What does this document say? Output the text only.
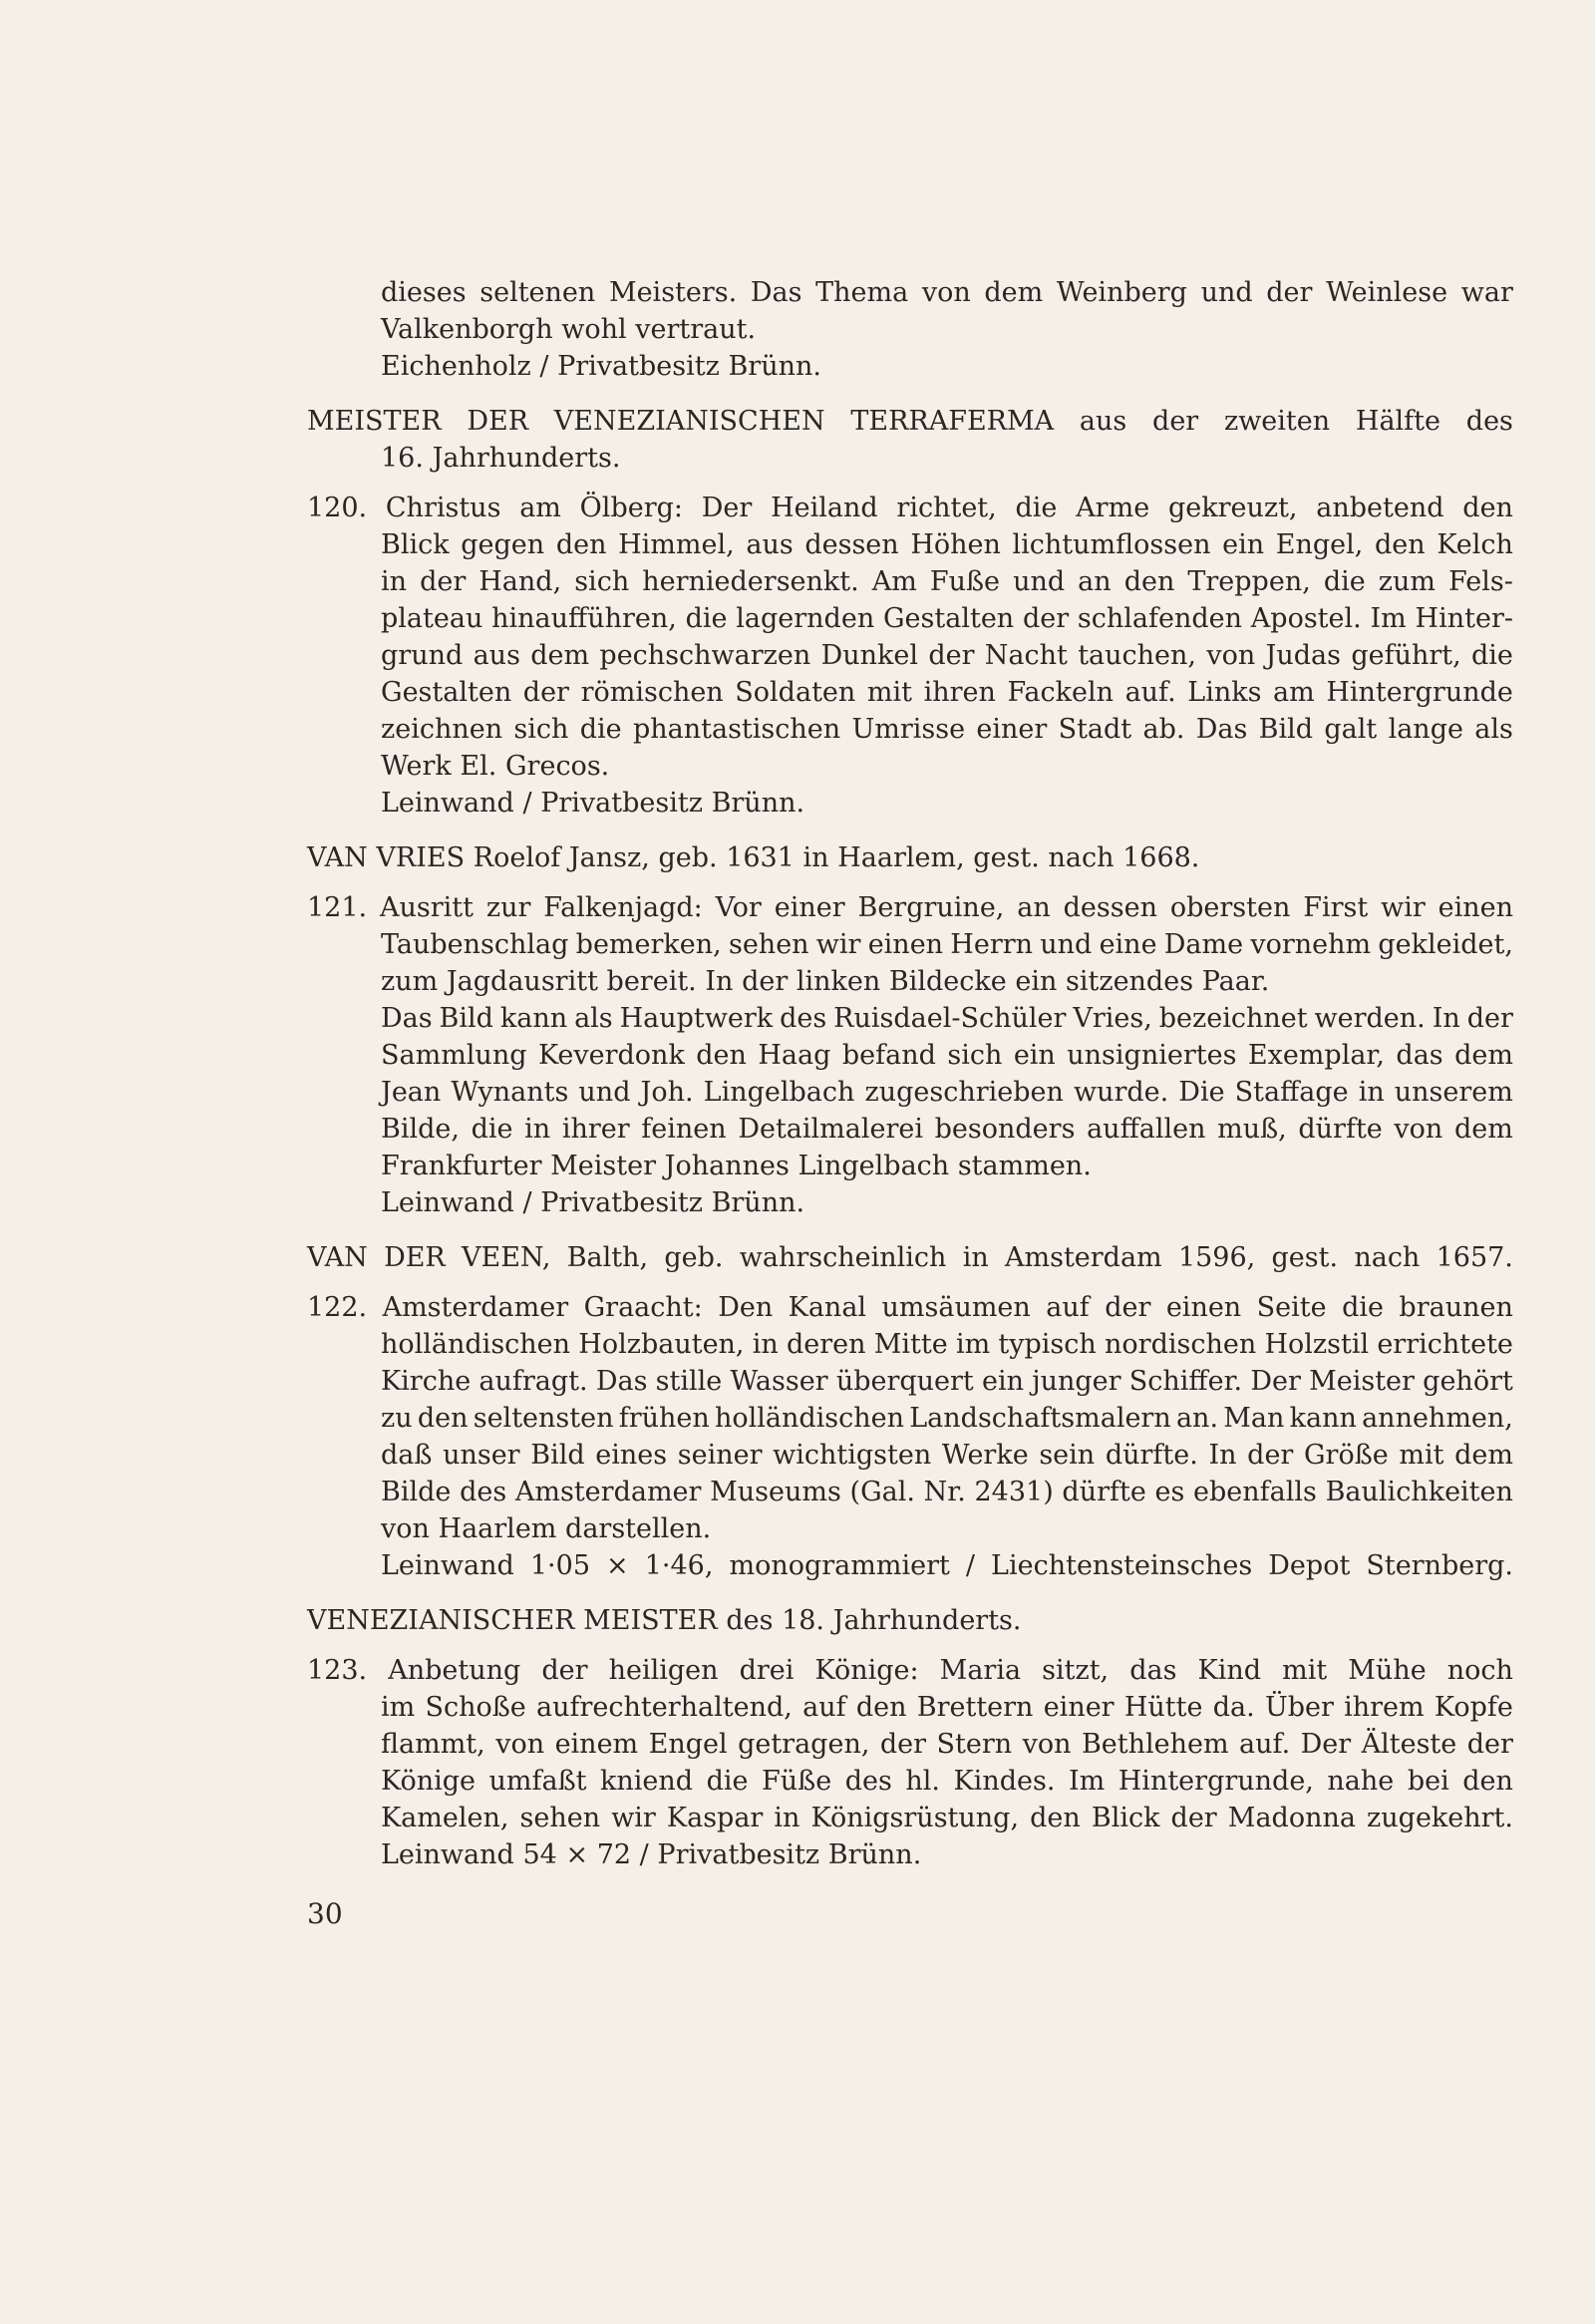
dieses seltenen Meisters. Das Thema von dem Weinberg und der Weinlese war
Valkenborgh wohl vertraut.
Eichenholz / Privatbesitz Brünn.
MEISTER DER VENEZIANISCHEN TERRAFERMA aus der zweiten Hälfte des
16. Jahrhunderts.
120. Christus am Ölberg: Der Heiland richtet, die Arme gekreuzt, anbetend den
Blick gegen den Himmel, aus dessen Höhen lichtumflossen ein Engel, den Kelch
in der Hand, sich herniedersenkt. Am Fuße und an den Treppen, die zum Fels-
plateau hinaufführen, die lagernden Gestalten der schlafenden Apostel. Im Hinter-
grund aus dem pechschwarzen Dunkel der Nacht tauchen, von Judas geführt, die
Gestalten der römischen Soldaten mit ihren Fackeln auf. Links am Hintergrunde
zeichnen sich die phantastischen Umrisse einer Stadt ab. Das Bild galt lange als
Werk El. Grecos.
Leinwand / Privatbesitz Brünn.
VAN VRIES Roelof Jansz, geb. 1631 in Haarlem, gest. nach 1668.
121. Ausritt zur Falkenjagd: Vor einer Bergruine, an dessen obersten First wir einen
Taubenschlag bemerken, sehen wir einen Herrn und eine Dame vornehm gekleidet,
zum Jagdausritt bereit. In der linken Bildecke ein sitzendes Paar.
Das Bild kann als Hauptwerk des Ruisdael-Schüler Vries, bezeichnet werden. In der
Sammlung Keverdonk den Haag befand sich ein unsigniertes Exemplar, das dem
Jean Wynants und Joh. Lingelbach zugeschrieben wurde. Die Staffage in unserem
Bilde, die in ihrer feinen Detailmalerei besonders auffallen muß, dürfte von dem
Frankfurter Meister Johannes Lingelbach stammen.
Leinwand / Privatbesitz Brünn.
VAN DER VEEN, Balth, geb. wahrscheinlich in Amsterdam 1596, gest. nach 1657.
122. Amsterdamer Graacht: Den Kanal umsäumen auf der einen Seite die braunen
holländischen Holzbauten, in deren Mitte im typisch nordischen Holzstil errichtete
Kirche aufragt. Das stille Wasser überquert ein junger Schiffer. Der Meister gehört
zu den seltensten frühen holländischen Landschaftsmalern an. Man kann annehmen,
daß unser Bild eines seiner wichtigsten Werke sein dürfte. In der Größe mit dem
Bilde des Amsterdamer Museums (Gal. Nr. 2431) dürfte es ebenfalls Baulichkeiten
von Haarlem darstellen.
Leinwand 1·05 × 1·46, monogrammiert / Liechtensteinsches Depot Sternberg.
VENEZIANISCHER MEISTER des 18. Jahrhunderts.
123. Anbetung der heiligen drei Könige: Maria sitzt, das Kind mit Mühe noch
im Schoße aufrechterhaltend, auf den Brettern einer Hütte da. Über ihrem Kopfe
flammt, von einem Engel getragen, der Stern von Bethlehem auf. Der Älteste der
Könige umfaßt kniend die Füße des hl. Kindes. Im Hintergrunde, nahe bei den
Kamelen, sehen wir Kaspar in Königsrüstung, den Blick der Madonna zugekehrt.
Leinwand 54 × 72 / Privatbesitz Brünn.
30
